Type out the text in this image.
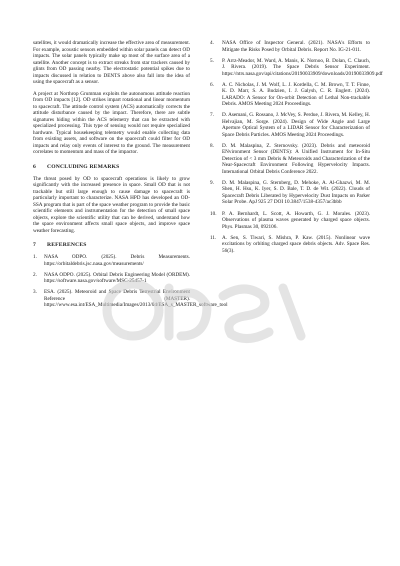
satellites, it would dramatically increase the effective area of measurement. For example, acoustic sensors embedded within solar panels can detect OD impacts. The solar panels typically make up most of the surface area of a satellite. Another concept is to extract streaks from star trackers caused by glints from OD passing nearby. The electrostatic potential spikes due to impacts discussed in relation to DENTS above also fall into the idea of using the spacecraft as a sensor.

A project at Northrop Grumman exploits the autonomous attitude reaction from OD impacts [12]. OD strikes impart rotational and linear momentum to spacecraft. The attitude control system (ACS) automatically corrects the attitude disturbance caused by the impact. Therefore, there are subtle signatures hiding within the ACS telemetry that can be extracted with specialized processing. This type of sensing would not require specialized hardware. Typical housekeeping telemetry would enable collecting data from existing assets, and software on the spacecraft could filter for OD impacts and relay only events of interest to the ground. The measurement correlates to momentum and mass of the impactor.

6 CONCLUDING REMARKS

The threat posed by OD to spacecraft operations is likely to grow significantly with the increased presence in space. Small OD that is not trackable but still large enough to cause damage to spacecraft is particularly important to characterize. NASA HPD has developed an OD-SSA program that is part of the space weather program to provide the basic scientific elements and instrumentation for the detection of small space objects, explore the scientific utility that can be derived, understand how the space environment affects small space objects, and improve space weather forecasting.

7 REFERENCES
1. NASA ODPO. (2025). Debris Measurements. https://orbitaldebris.jsc.nasa.gov/measurements/
2. NASA ODPO. (2025). Orbital Debris Engineering Model (ORDEM). https://software.nasa.gov/software/MSC-25457-1
3. ESA. (2025). Meteoroid and Space Debris Terrestrial Environment Reference (MASTER). https://www.esa.int/ESA_Multimedia/Images/2013/04/ESA_s_MASTER_software_tool
4. NASA Office of Inspector General. (2021). NASA's Efforts to Mitigate the Risks Posed by Orbital Debris. Report No. IG-21-011.
5. P. Arrz-Meador, M. Ward, A. Manis, K. Nornoo, B. Dolan, C. Clauch, J. Rivera. (2019). The Space Debris Sensor Experiment. https://ntrs.nasa.gov/api/citations/20190033909/downloads/20190033909.pdf
6. A. C. Nicholas, J. M. Wolf, L. J. Kordella, C. M. Brown, T. T. Finne, K. D. Marr, S. A. Budzien, I. J. Galysh, C. R. Englert. (2024). LARADO: A Sensor for On-orbit Detection of Lethal Non-trackable Debris. AMOS Meeting 2024 Proceedings.
7. D. Asemani, G. Rossano, J. McVey, S. Perdue, J. Rivera, M. Kelley, H. Helvajian, M. Sorge. (2024). Design of Wide Angle and Large Aperture Optical System of a LIDAR Sensor for Characterization of Space Debris Particles. AMOS Meeting 2024 Proceedings.
8. D. M. Malaspina, Z. Sternovsky. (2023). Debris and meteoroid ENvironment Sensor (DENTS): A Unified Instrument for In-Situ Detection of < 3 mm Debris & Meteoroids and Characterization of the Near-Spacecraft Environment Following Hypervelocity Impacts. International Orbital Debris Conference 2022.
9. D. M. Malaspina, G. Sternberg, D. Mehoke, A. Al-Ghazwi, M. M. Shen, H. Hsu, K. Iyer, S. D. Bale, T. D. de Wit. (2022). Clouds of Spacecraft Debris Liberated by Hypervelocity Dust Impacts on Parker Solar Probe. ApJ 925 27 DOI 10.3847/1538-4357/ac3bbb
10. P. A. Bernhardt, L. Scott, A. Howarth, G. J. Morales. (2023). Observations of plasma waves generated by charged space objects. Phys. Plasmas 30, 092106.
11. A. Sen, S. Tiwari, S. Mishra, P. Kaw. (2015). Nonlinear wave excitations by orbiting charged space debris objects. Adv. Space Res. 56(3).
